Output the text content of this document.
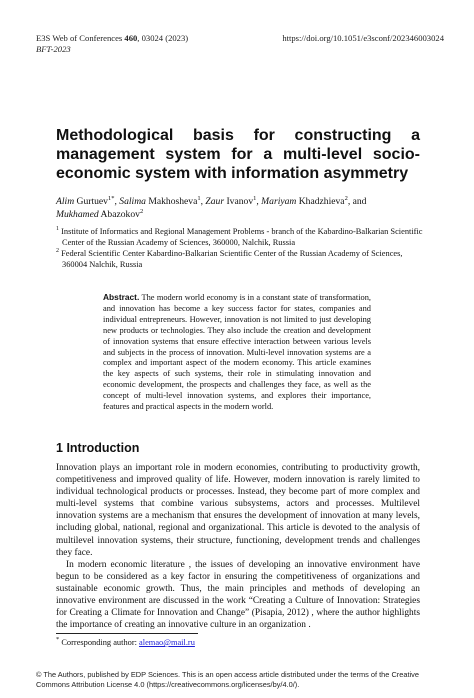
E3S Web of Conferences 460, 03024 (2023)	https://doi.org/10.1051/e3sconf/202346003024
BFT-2023
Methodological basis for constructing a management system for a multi-level socio-economic system with information asymmetry

Alim Gurtuev$^{1*}$, Salima Makhosheva$^1$, Zaur Ivanov$^1$, Mariyam Khadzhieva$^2$, and
Mukhamed Abazokov$^2$

$^1$ Institute of Informatics and Regional Management Problems - branch of the Kabardino-Balkarian Scientific Center of the Russian Academy of Sciences, 360000, Nalchik, Russia

$^2$ Federal Scientific Center Kabardino-Balkarian Scientific Center of the Russian Academy of Sciences, 360004 Nalchik, Russia

Abstract. The modern world economy is in a constant state of transformation, and innovation has become a key success factor for states, companies and individual entrepreneurs. However, innovation is not limited to just developing new products or technologies. They also include the creation and development of innovation systems that ensure effective interaction between various levels and subjects in the process of innovation. Multi-level innovation systems are a complex and important aspect of the modern economy. This article examines the key aspects of such systems, their role in stimulating innovation and economic development, the prospects and challenges they face, as well as the concept of multi-level innovation systems, and explores their importance, features and practical aspects in the modern world.

1 Introduction

Innovation plays an important role in modern economies, contributing to productivity growth, competitiveness and improved quality of life. However, modern innovation is rarely limited to individual technological products or processes. Instead, they become part of more complex and multi-level systems that combine various subsystems, actors and processes. Multilevel innovation systems are a mechanism that ensures the development of innovation at many levels, including global, national, regional and organizational. This article is devoted to the analysis of multilevel innovation systems, their structure, functioning, development trends and challenges they face.

In modern economic literature , the issues of developing an innovative environment have begun to be considered as a key factor in ensuring the competitiveness of organizations and sustainable economic growth. Thus, the main principles and methods of developing an innovative environment are discussed in the work “Creating a Culture of Innovation: Strategies for Creating a Climate for Innovation and Change” (Pisapia, 2012) , where the author highlights the importance of creating an innovative culture in an organization .

* Corresponding author: alemao@mail.ru

© The Authors, published by EDP Sciences. This is an open access article distributed under the terms of the Creative Commons Attribution License 4.0 (https://creativecommons.org/licenses/by/4.0/).
